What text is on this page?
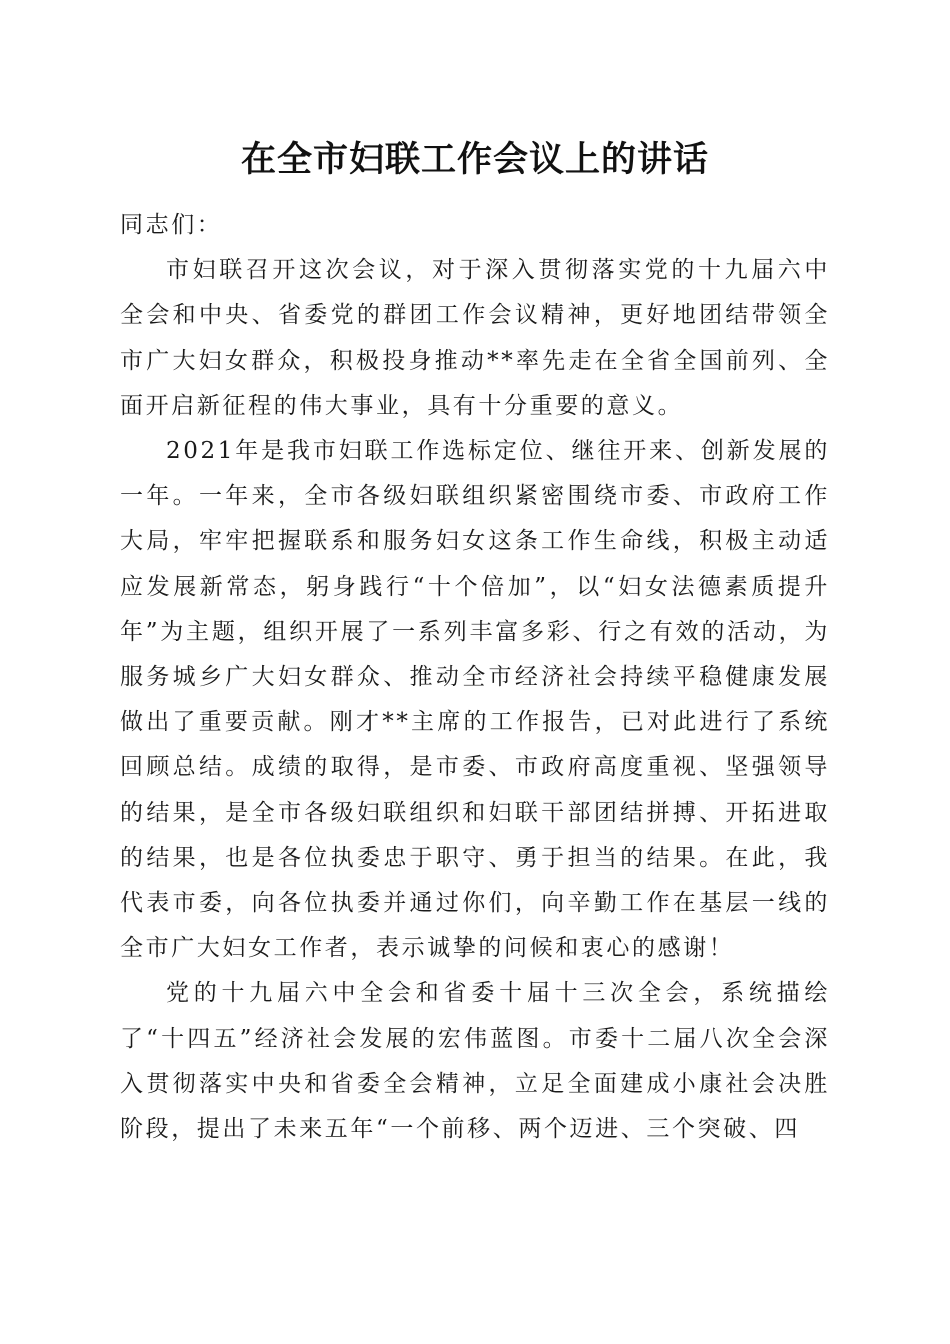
在全市妇联工作会议上的讲话

同志们：

市妇联召开这次会议，对于深入贯彻落实党的十九届六中全会和中央、省委党的群团工作会议精神，更好地团结带领全市广大妇女群众，积极投身推动**率先走在全省全国前列、全面开启新征程的伟大事业，具有十分重要的意义。

2021年是我市妇联工作选标定位、继往开来、创新发展的一年。一年来，全市各级妇联组织紧密围绕市委、市政府工作大局，牢牢把握联系和服务妇女这条工作生命线，积极主动适应发展新常态，躬身践行“十个倍加”，以“妇女法德素质提升年”为主题，组织开展了一系列丰富多彩、行之有效的活动，为服务城乡广大妇女群众、推动全市经济社会持续平稳健康发展做出了重要贡献。刚才**主席的工作报告，已对此进行了系统回顾总结。成绩的取得，是市委、市政府高度重视、坚强领导的结果，是全市各级妇联组织和妇联干部团结拼搏、开拓进取的结果，也是各位执委忠于职守、勇于担当的结果。在此，我代表市委，向各位执委并通过你们，向辛勤工作在基层一线的全市广大妇女工作者，表示诚挚的问候和衷心的感谢！

党的十九届六中全会和省委十届十三次全会，系统描绘了“十四五”经济社会发展的宏伟蓝图。市委十二届八次全会深入贯彻落实中央和省委全会精神，立足全面建成小康社会决胜阶段，提出了未来五年“一个前移、两个迈进、三个突破、四
